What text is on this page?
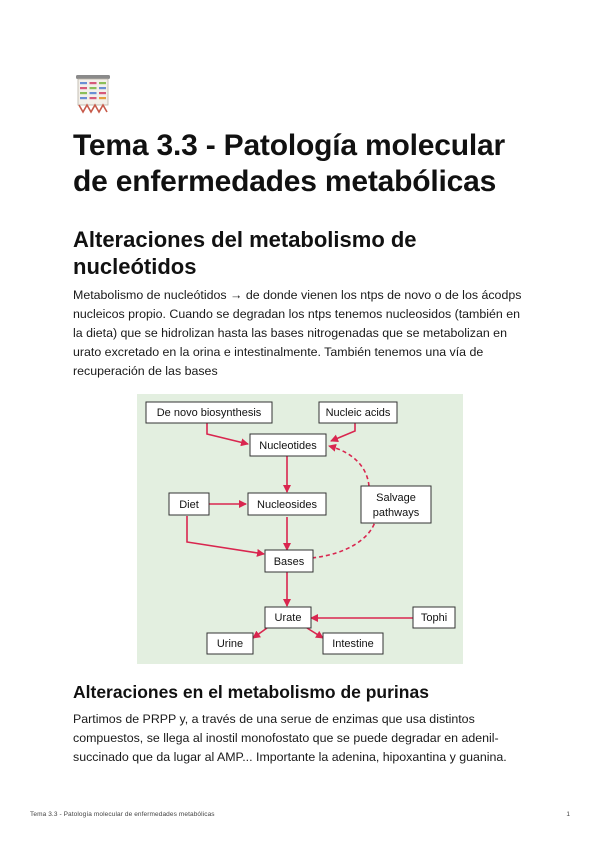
Tema 3.3 - Patología molecular de enfermedades metabólicas
Alteraciones del metabolismo de nucleótidos

Metabolismo de nucleótidos → de donde vienen los ntps de novo o de los ácodps nucleicos propio. Cuando se degradan los ntps tenemos nucleosidos (también en la dieta) que se hidrolizan hasta las bases nitrogenadas que se metabolizan en urato excretado en la orina e intestinalmente. También tenemos una vía de recuperación de las bases

De novo biosynthesis	Nucleic acids
Nucleotides
Diet	Nucleosides
Salvage
pathways
Bases
Urate	Tophi
Urine	Intestine
Alteraciones en el metabolismo de purinas

Partimos de PRPP y, a través de una serue de enzimas que usa distintos compuestos, se llega al inostil monofostato que se puede degradar en adenil-succinado que da lugar al AMP... Importante la adenina, hipoxantina y guanina.

Tema 3.3 - Patología molecular de enfermedades metabólicas	1
